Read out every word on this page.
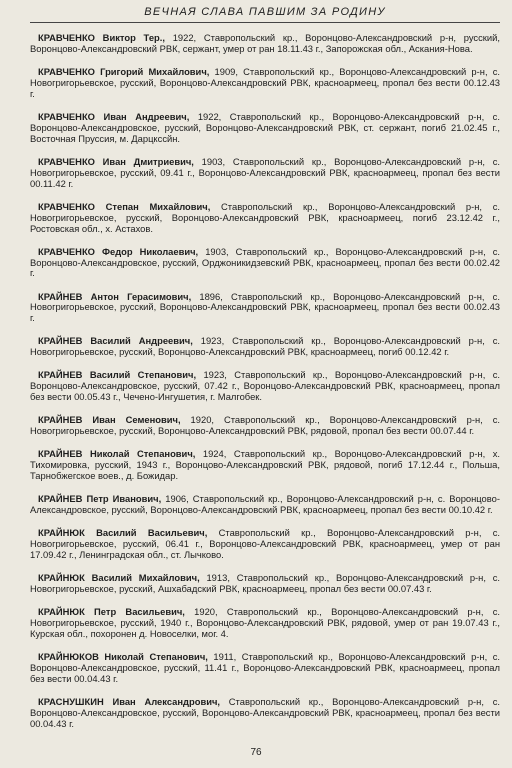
ВЕЧНАЯ СЛАВА ПАВШИМ ЗА РОДИНУ

КРАВЧЕНКО Виктор Тер., 1922, Ставропольский кр., Воронцово-Александровский р-н, русский, Воронцово-Александровский РВК, сержант, умер от ран 18.11.43 г., Запорожская обл., Аскания-Нова.

КРАВЧЕНКО Григорий Михайлович, 1909, Ставропольский кр., Воронцово-Александровский р-н, с. Новогригорьевское, русский, Воронцово-Александровский РВК, красноармеец, пропал без вести 00.12.43 г.

КРАВЧЕНКО Иван Андреевич, 1922, Ставропольский кр., Воронцово-Александровский р-н, с. Воронцово-Александровское, русский, Воронцово-Александровский РВК, ст. сержант, погиб 21.02.45 г., Восточная Пруссия, м. Дарцкссйн.

КРАВЧЕНКО Иван Дмитриевич, 1903, Ставропольский кр., Воронцово-Александровский р-н, с. Новогригорьевское, русский, 09.41 г., Воронцово-Александровский РВК, красноармеец, пропал без вести 00.11.42 г.

КРАВЧЕНКО Степан Михайлович, Ставропольский кр., Воронцово-Александровский р-н, с. Новогригорьевское, русский, Воронцово-Александровский РВК, красноармеец, погиб 23.12.42 г., Ростовская обл., х. Астахов.

КРАВЧЕНКО Федор Николаевич, 1903, Ставропольский кр., Воронцово-Александровский р-н, с. Воронцово-Александровское, русский, Орджоникидзевский РВК, красноармеец, пропал без вести 00.02.42 г.

КРАЙНЕВ Антон Герасимович, 1896, Ставропольский кр., Воронцово-Александровский р-н, с. Новогригорьевское, русский, Воронцово-Александровский РВК, красноармеец, пропал без вести 00.02.43 г.

КРАЙНЕВ Василий Андреевич, 1923, Ставропольский кр., Воронцово-Александровский р-н, с. Новогригорьевское, русский, Воронцово-Александровский РВК, красноармеец, погиб 00.12.42 г.

КРАЙНЕВ Василий Степанович, 1923, Ставропольский кр., Воронцово-Александровский р-н, с. Воронцово-Александровское, русский, 07.42 г., Воронцово-Александровский РВК, красноармеец, пропал без вести 00.05.43 г., Чечено-Ингушетия, г. Малгобек.

КРАЙНЕВ Иван Семенович, 1920, Ставропольский кр., Воронцово-Александровский р-н, с. Новогригорьевское, русский, Воронцово-Александровский РВК, рядовой, пропал без вести 00.07.44 г.

КРАЙНЕВ Николай Степанович, 1924, Ставропольский кр., Воронцово-Александровский р-н, х. Тихомировка, русский, 1943 г., Воронцово-Александровский РВК, рядовой, погиб 17.12.44 г., Польша, Тарнобжегское воев., д. Божидар.

КРАЙНЕВ Петр Иванович, 1906, Ставропольский кр., Воронцово-Александровский р-н, с. Воронцово-Александровское, русский, Воронцово-Александровский РВК, красноармеец, пропал без вести 00.10.42 г.

КРАЙНЮК Василий Васильевич, Ставропольский кр., Воронцово-Александровский р-н, с. Новогригорьевское, русский, 06.41 г., Воронцово-Александровский РВК, красноармеец, умер от ран 17.09.42 г., Ленинградская обл., ст. Лычково.

КРАЙНЮК Василий Михайлович, 1913, Ставропольский кр., Воронцово-Александровский р-н, с. Новогригорьевское, русский, Ашхабадский РВК, красноармеец, пропал без вести 00.07.43 г.

КРАЙНЮК Петр Васильевич, 1920, Ставропольский кр., Воронцово-Александровский р-н, с. Новогригорьевское, русский, 1940 г., Воронцово-Александровский РВК, рядовой, умер от ран 19.07.43 г., Курская обл., похоронен д. Новоселки, мог. 4.

КРАЙНЮКОВ Николай Степанович, 1911, Ставропольский кр., Воронцово-Александровский р-н, с. Воронцово-Александровское, русский, 11.41 г., Воронцово-Александровский РВК, красноармеец, пропал без вести 00.04.43 г.

КРАСНУШКИН Иван Александрович, Ставропольский кр., Воронцово-Александровский р-н, с. Воронцово-Александровское, русский, Воронцово-Александровский РВК, красноармеец, пропал без вести 00.04.43 г.

76
